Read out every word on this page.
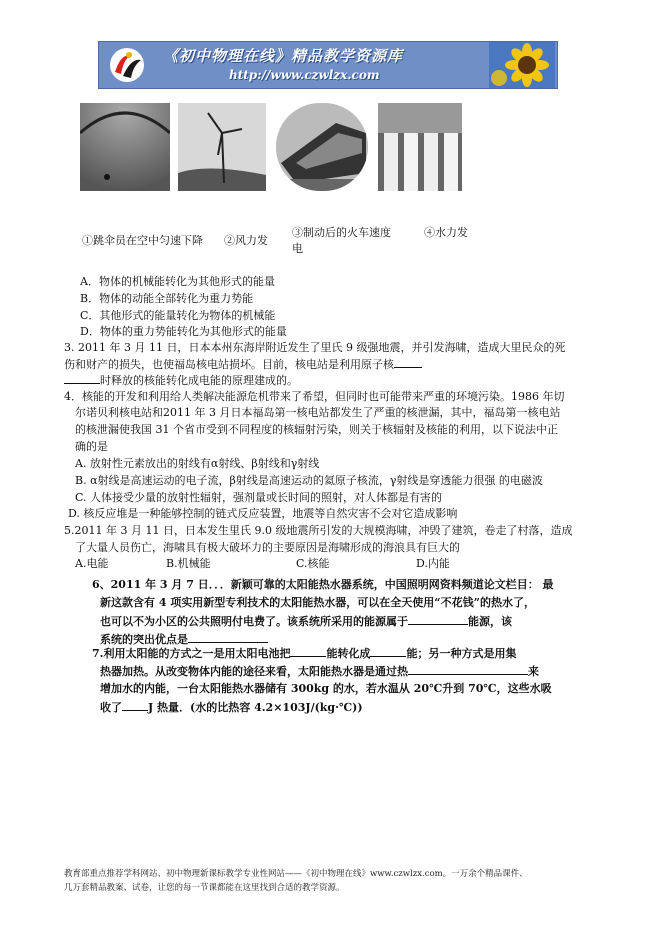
《初中物理在线》精品教学资源库
http://www.czwlzx.com
①跳伞员在空中匀速下降 ②风力发
③制动后的火车速度
电
④水力发
A．物体的机械能转化为其他形式的能量
B．物体的动能全部转化为重力势能
C．其他形式的能量转化为物体的机械能
D．物体的重力势能转化为其他形式的能量
3. 2011 年 3 月 11 日，日本本州东海岸附近发生了里氏 9 级强地震，并引发海啸，造成大里民众的死
伤和财产的损失，也使福岛核电站损坏。目前，核电站是利用原子核
时释放的核能转化成电能的原理建成的。
4．核能的开发和利用给人类解决能源危机带来了希望，但同时也可能带来严重的环境污染。1986 年切
尔诺贝利核电站和2011 年 3 月日本福岛第一核电站都发生了严重的核泄漏，其中，福岛第一核电站
的核泄漏使我国 31 个省市受到不同程度的核辐射污染，则关于核辐射及核能的利用，以下说法中正
确的是
A. 放射性元素放出的射线有α射线、β射线和γ射线
B. α射线是高速运动的电子流，β射线是高速运动的氦原子核流，γ射线是穿透能力很强 的电磁波
C. 人体接受少量的放射性辐射，强剂量或长时间的照射，对人体都是有害的
D. 核反应堆是一种能够控制的链式反应装置，地震等自然灾害不会对它造成影响
5.2011 年 3 月 11 日，日本发生里氏 9.0 级地震所引发的大规模海啸，冲毁了建筑，卷走了村落，造成
了大量人员伤亡，海啸具有极大破坏力的主要原因是海啸形成的海浪具有巨大的
A.电能	B.机械能	C.核能	D.内能
6、2011 年 3 月 7 日．．．新颖可靠的太阳能热水器系统，中国照明网资料频道论文栏目： 最
新这款含有 4 项实用新型专利技术的太阳能热水器，可以在全天使用“不花钱”的热水了，
也可以不为小区的公共照明付电费了。该系统所采用的能源属于	能源，该
系统的突出优点是
7.利用太阳能的方式之一是用太阳电池把	能转化成	能；另一种方式是用集
热器加热。从改变物体内能的途径来看，太阳能热水器是通过热	来
增加水的内能，一台太阳能热水器储有 300kg 的水，若水温从 20℃升到 70℃，这些水吸
收了 J 热量．(水的比热容 4.2×103J/(kg·℃))
教育部重点推荐学科网站、初中物理新课标教学专业性网站——《初中物理在线》www.czwlzx.com。一万余个精品课件、
几万套精品教案、试卷，让您的每一节课都能在这里找到合适的教学资源。
